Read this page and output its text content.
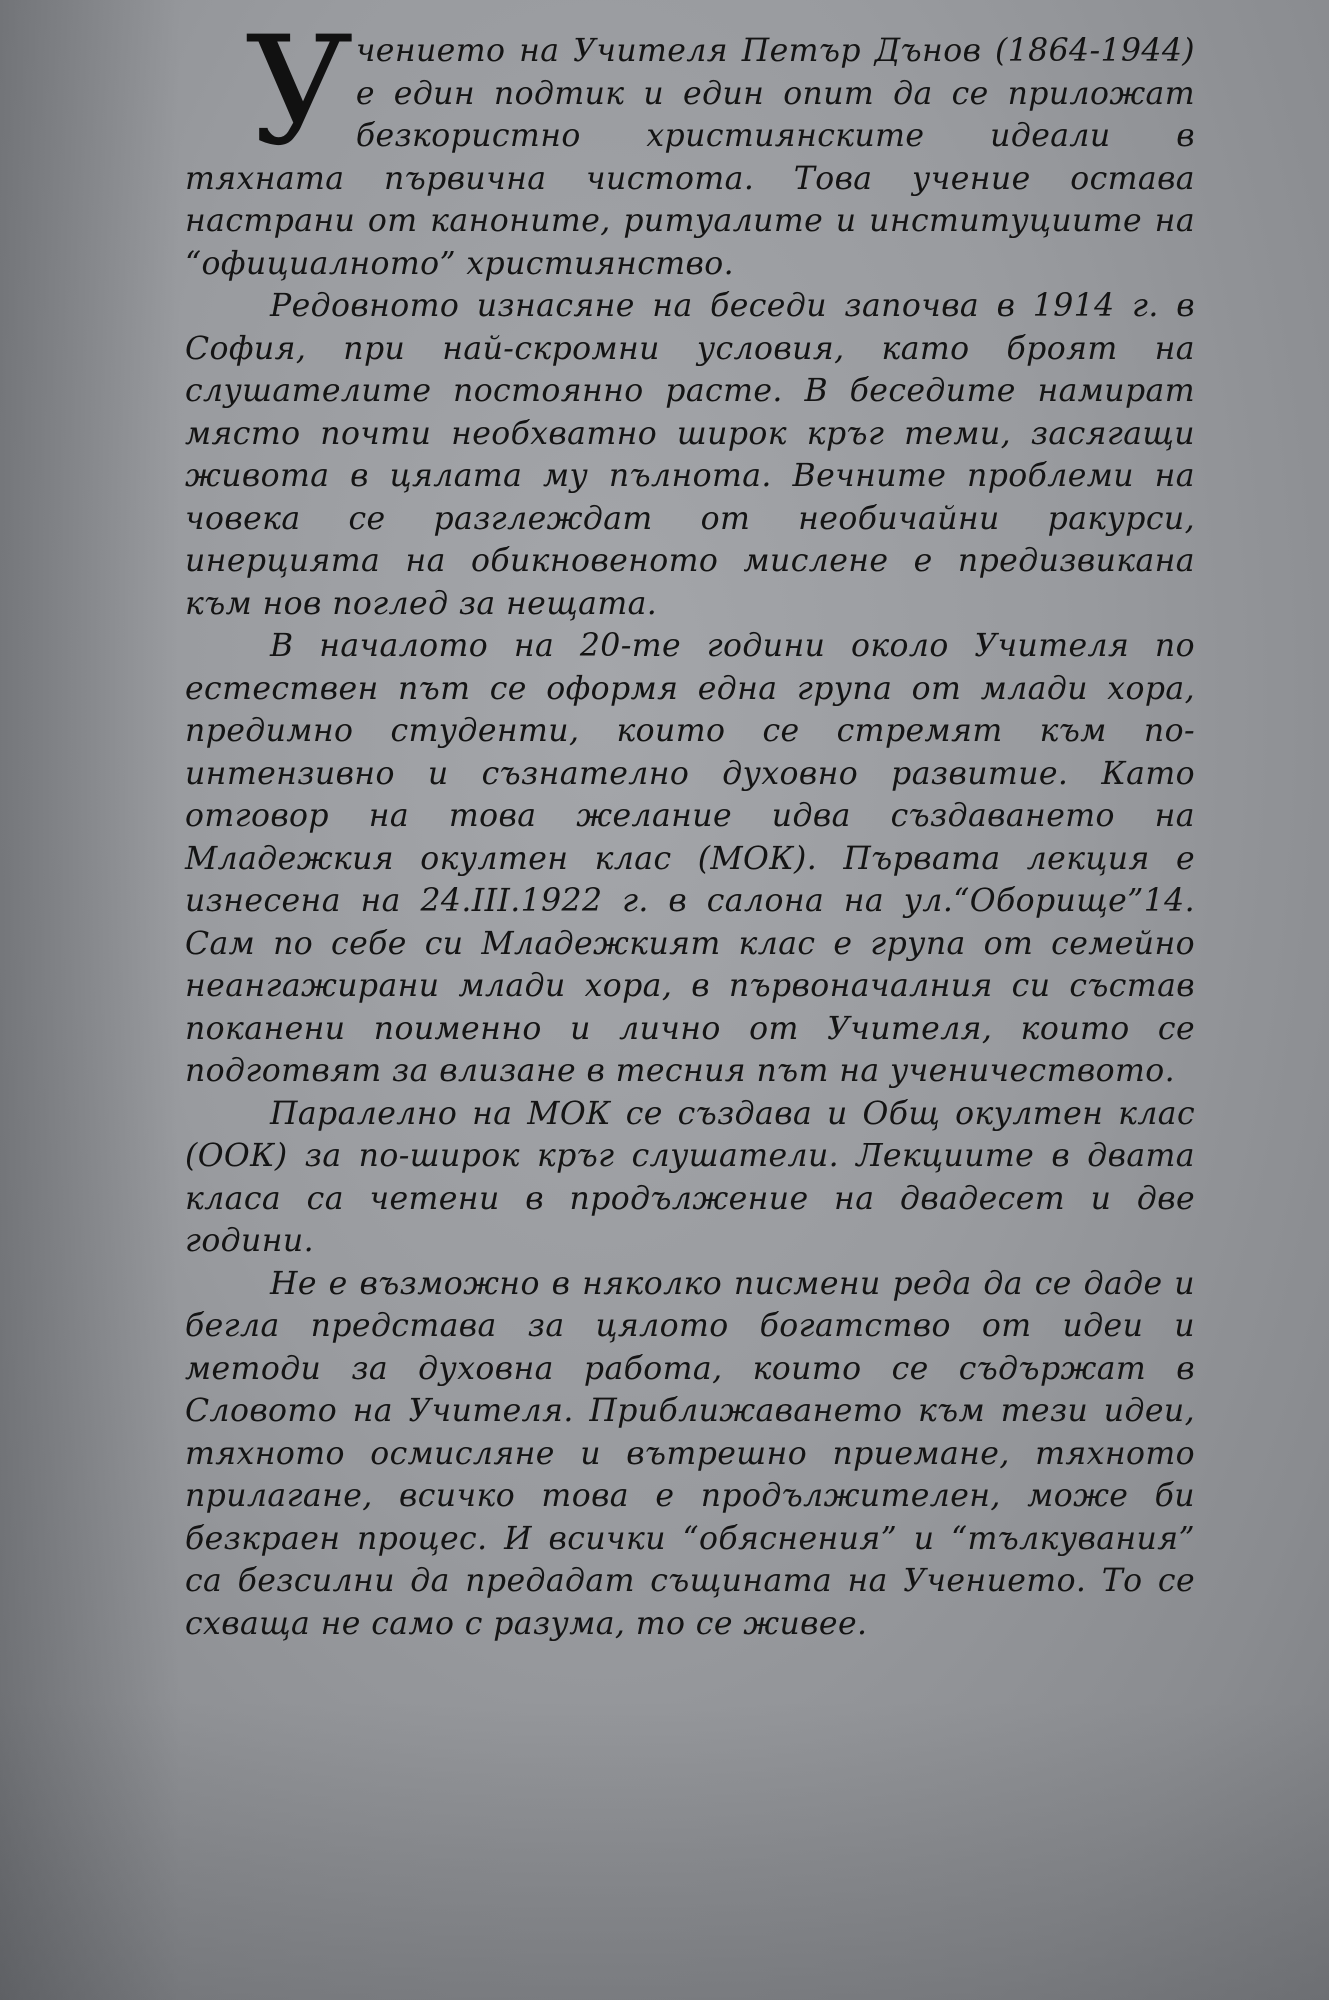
Учението на Учителя Петър Дънов (1864-1944) е един подтик и един опит да се приложат безкористно християнските идеали в тяхната първична чистота. Това учение остава настрани от каноните, ритуалите и институциите на “официалното” християнство.

Редовното изнасяне на беседи започва в 1914 г. в София, при най-скромни условия, като броят на слушателите постоянно расте. В беседите намират място почти необхватно широк кръг теми, засягащи живота в цялата му пълнота. Вечните проблеми на човека се разглеждат от необичайни ракурси, инерцията на обикновеното мислене е предизвикана към нов поглед за нещата.

В началото на 20-те години около Учителя по естествен път се оформя една група от млади хора, предимно студенти, които се стремят към по-интензивно и съзнателно духовно развитие. Като отговор на това желание идва създаването на Младежкия окултен клас (МОК). Първата лекция е изнесена на 24.III.1922 г. в салона на ул.“Оборище”14. Сам по себе си Младежкият клас е група от семейно неангажирани млади хора, в първоначалния си състав поканени поименно и лично от Учителя, които се подготвят за влизане в тесния път на ученичеството.

Паралелно на МОК се създава и Общ окултен клас (ООК) за по-широк кръг слушатели. Лекциите в двата класа са четени в продължение на двадесет и две години.

Не е възможно в няколко писмени реда да се даде и бегла представа за цялото богатство от идеи и методи за духовна работа, които се съдържат в Словото на Учителя. Приближаването към тези идеи, тяхното осмисляне и вътрешно приемане, тяхното прилагане, всичко това е продължителен, може би безкраен процес. И всички “обяснения” и “тълкувания” са безсилни да предадат същината на Учението. То се схваща не само с разума, то се живее.
